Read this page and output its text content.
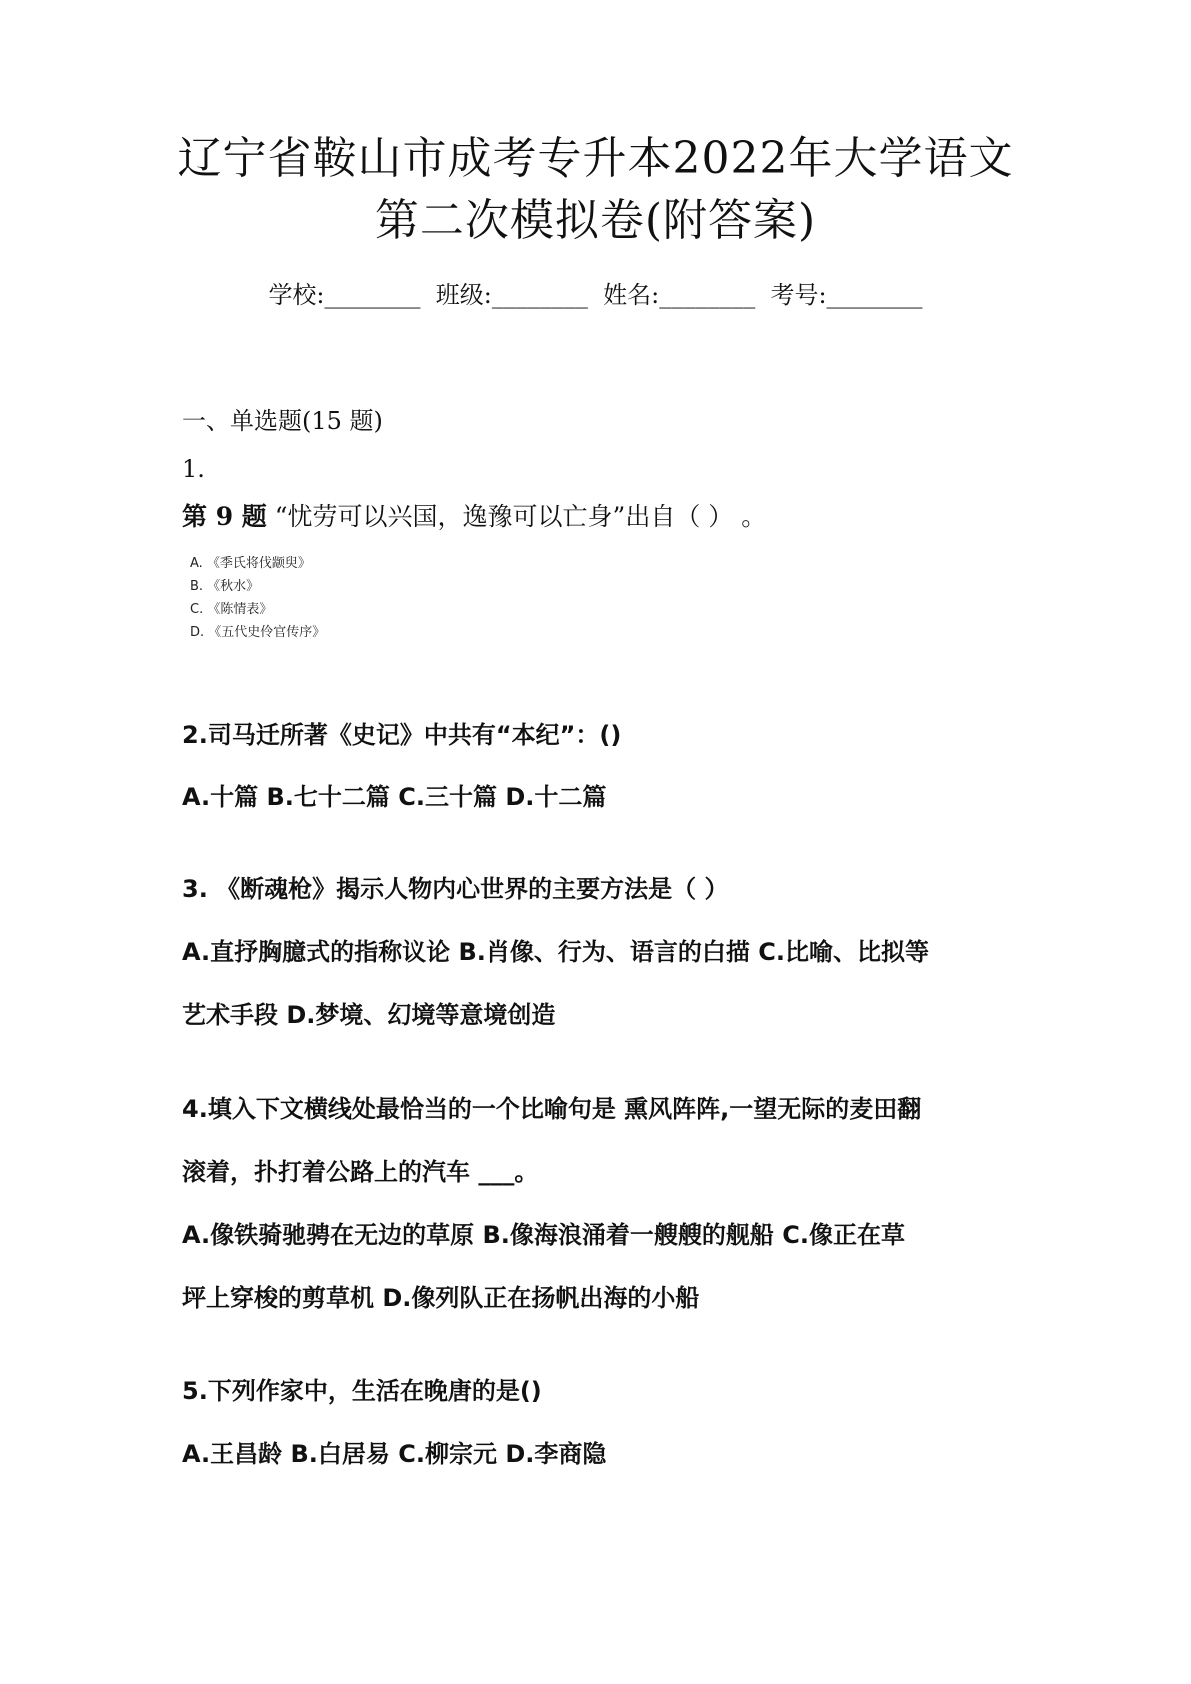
辽宁省鞍山市成考专升本2022年大学语文
第二次模拟卷(附答案)
学校:________  班级:________  姓名:________  考号:________
一、单选题(15 题)
1.
第 9 题 “忧劳可以兴国，逸豫可以亡身”出自（ ） 。
A. 《季氏将伐颛臾》
B. 《秋水》
C. 《陈情表》
D. 《五代史伶官传序》
2.司马迁所著《史记》中共有“本纪”：()
A.十篇 B.七十二篇 C.三十篇 D.十二篇
3. 《断魂枪》揭示人物内心世界的主要方法是（ ）
A.直抒胸臆式的指称议论 B.肖像、行为、语言的白描 C.比喻、比拟等
艺术手段 D.梦境、幻境等意境创造
4.填入下文横线处最恰当的一个比喻句是 熏风阵阵,一望无际的麦田翻
滚着，扑打着公路上的汽车 ___。
A.像铁骑驰骋在无边的草原 B.像海浪涌着一艘艘的舰船 C.像正在草
坪上穿梭的剪草机 D.像列队正在扬帆出海的小船
5.下列作家中，生活在晚唐的是()
A.王昌龄 B.白居易 C.柳宗元 D.李商隐
